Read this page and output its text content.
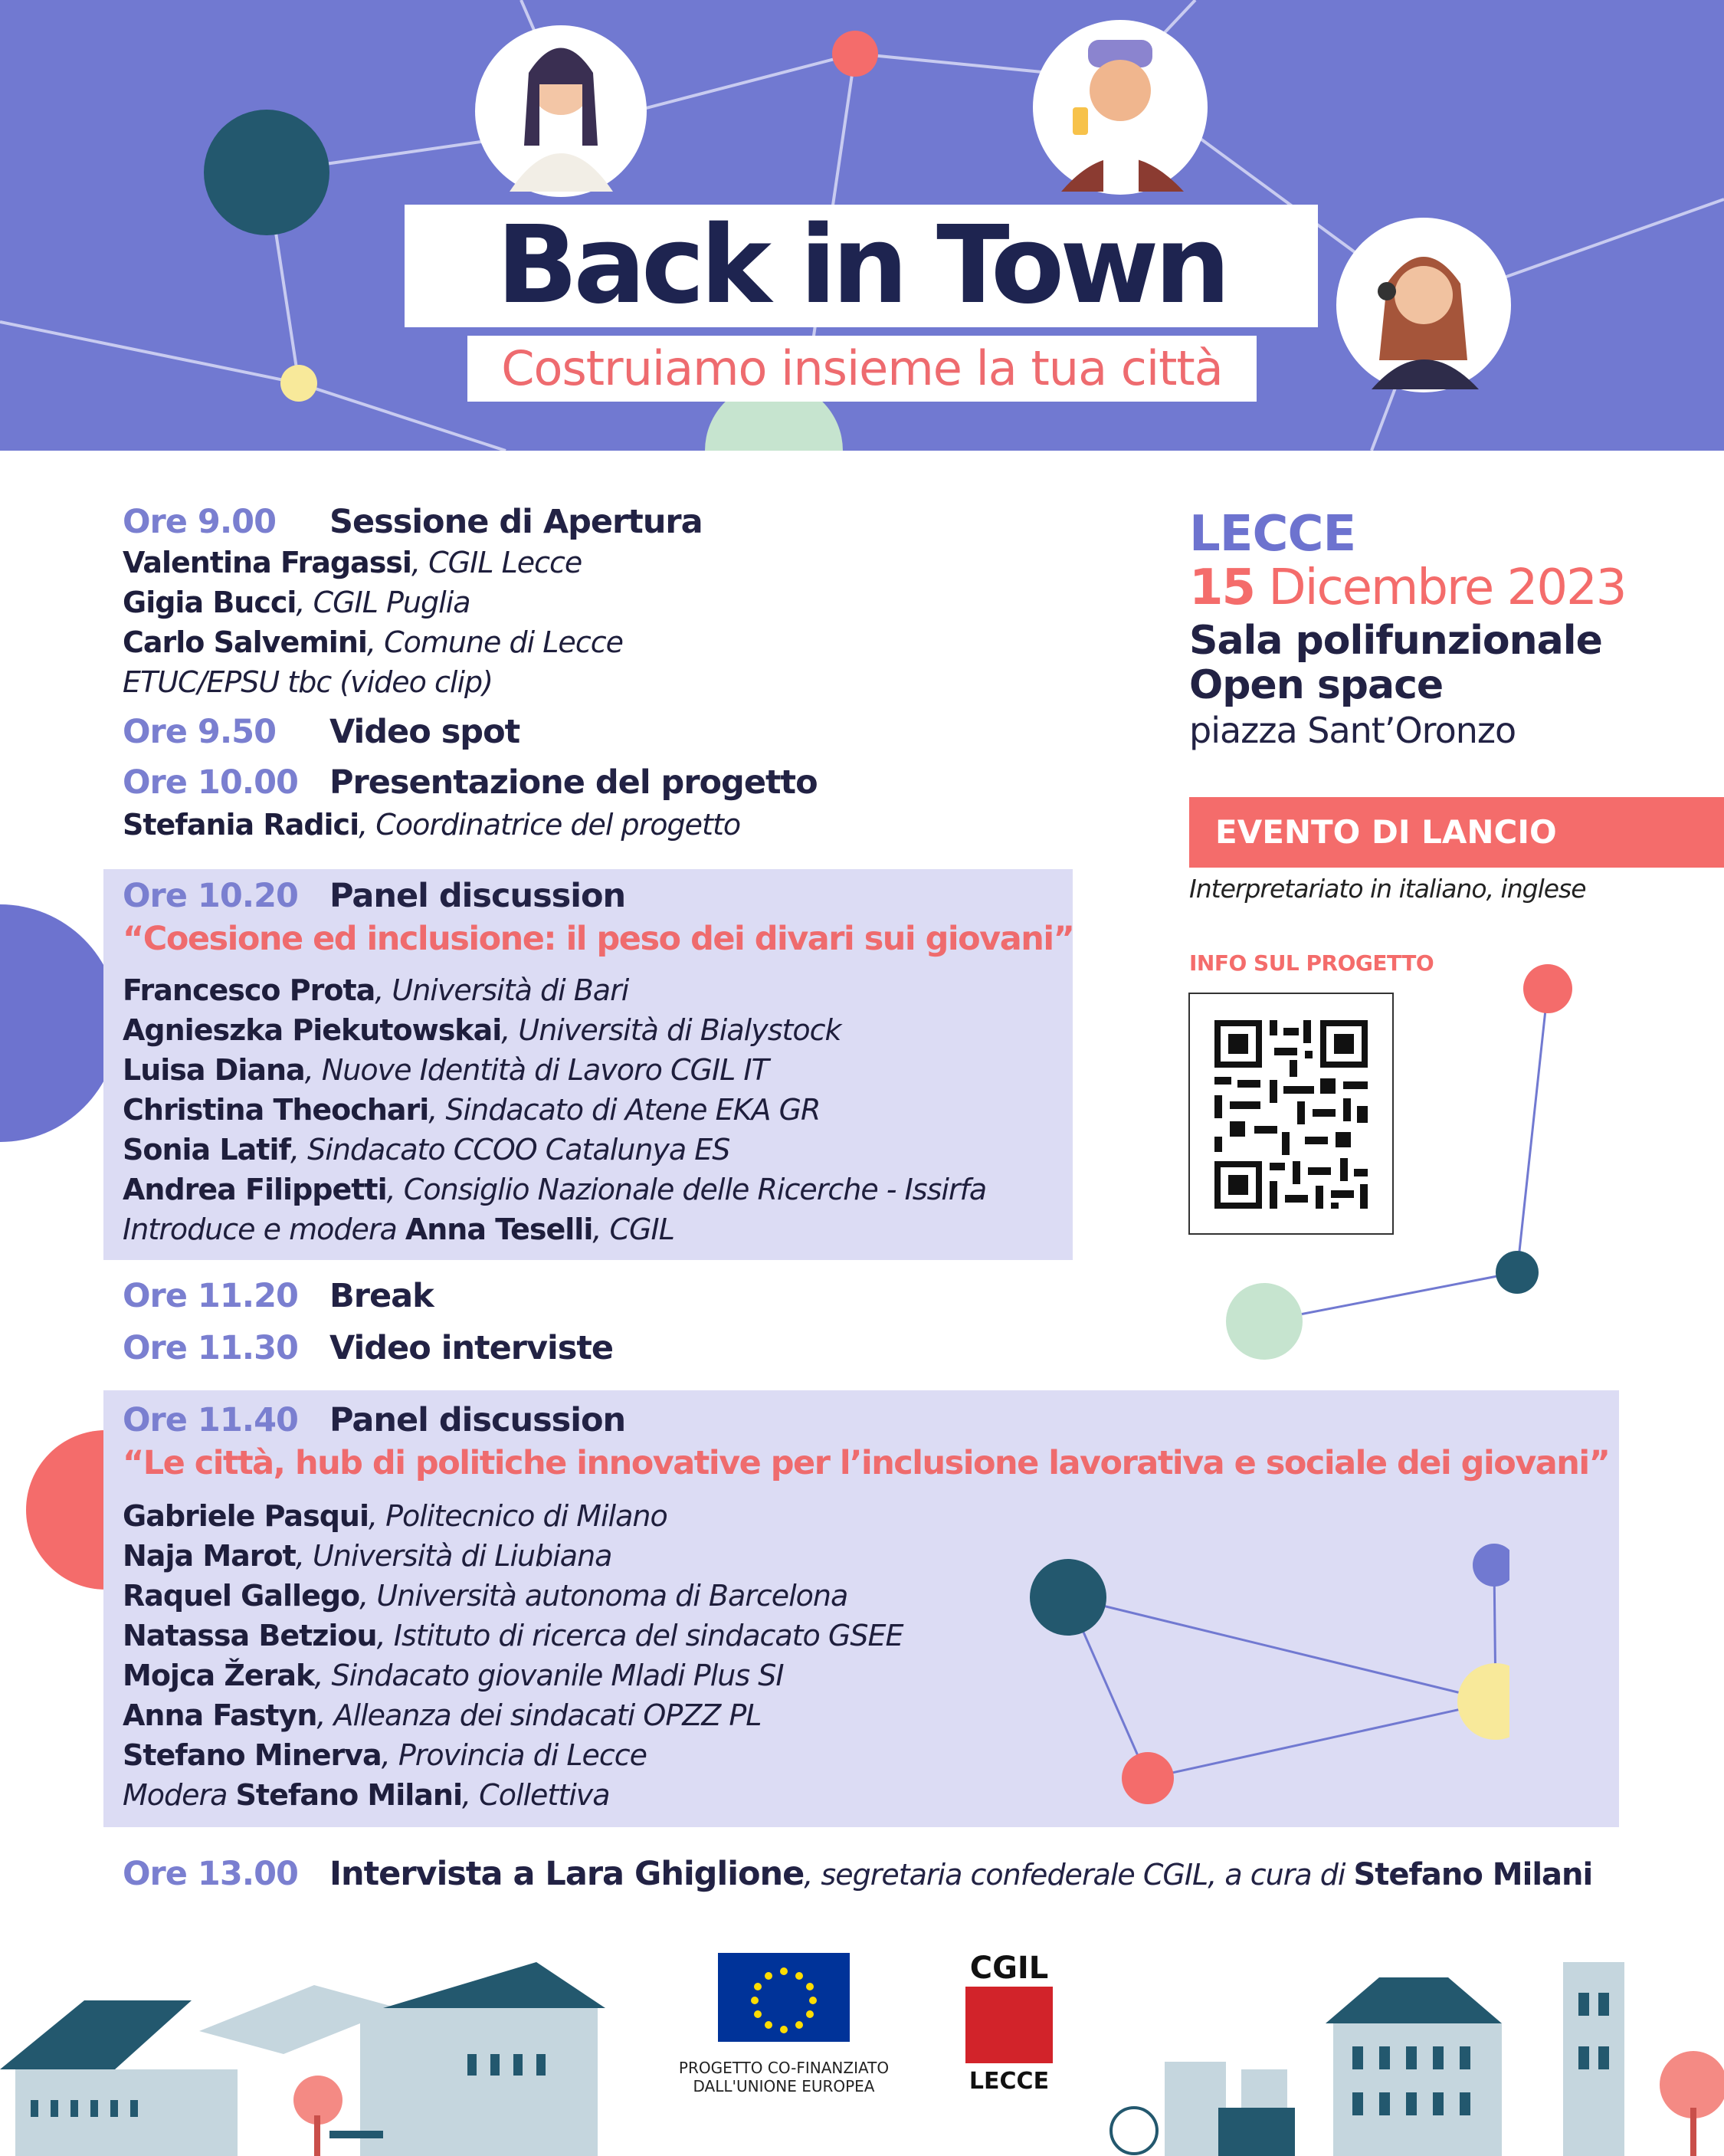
Back in Town
Costruiamo insieme la tua città
Ore 9.00 Sessione di Apertura
Valentina Fragassi, CGIL Lecce
Gigia Bucci, CGIL Puglia
Carlo Salvemini, Comune di Lecce
ETUC/EPSU tbc (video clip)
Ore 9.50 Video spot
Ore 10.00 Presentazione del progetto
Stefania Radici, Coordinatrice del progetto
Ore 10.20 Panel discussion
“Coesione ed inclusione: il peso dei divari sui giovani”
Francesco Prota, Università di Bari
Agnieszka Piekutowskai, Università di Bialystock
Luisa Diana, Nuove Identità di Lavoro CGIL IT
Christina Theochari, Sindacato di Atene EKA GR
Sonia Latif, Sindacato CCOO Catalunya ES
Andrea Filippetti, Consiglio Nazionale delle Ricerche - Issirfa
Introduce e modera Anna Teselli, CGIL
Ore 11.20 Break
Ore 11.30 Video interviste
Ore 11.40 Panel discussion
“Le città, hub di politiche innovative per l’inclusione lavorativa e sociale dei giovani”
Gabriele Pasqui, Politecnico di Milano
Naja Marot, Università di Liubiana
Raquel Gallego, Università autonoma di Barcelona
Natassa Betziou, Istituto di ricerca del sindacato GSEE
Mojca Žerak, Sindacato giovanile Mladi Plus SI
Anna Fastyn, Alleanza dei sindacati OPZZ PL
Stefano Minerva, Provincia di Lecce
Modera Stefano Milani, Collettiva
Ore 13.00 Intervista a Lara Ghiglione, segretaria confederale CGIL, a cura di Stefano Milani
LECCE
15 Dicembre 2023
Sala polifunzionale
Open space
piazza Sant’Oronzo
EVENTO DI LANCIO
Interpretariato in italiano, inglese
INFO SUL PROGETTO
PROGETTO CO-FINANZIATO
DALL'UNIONE EUROPEA
CGIL
LECCE
